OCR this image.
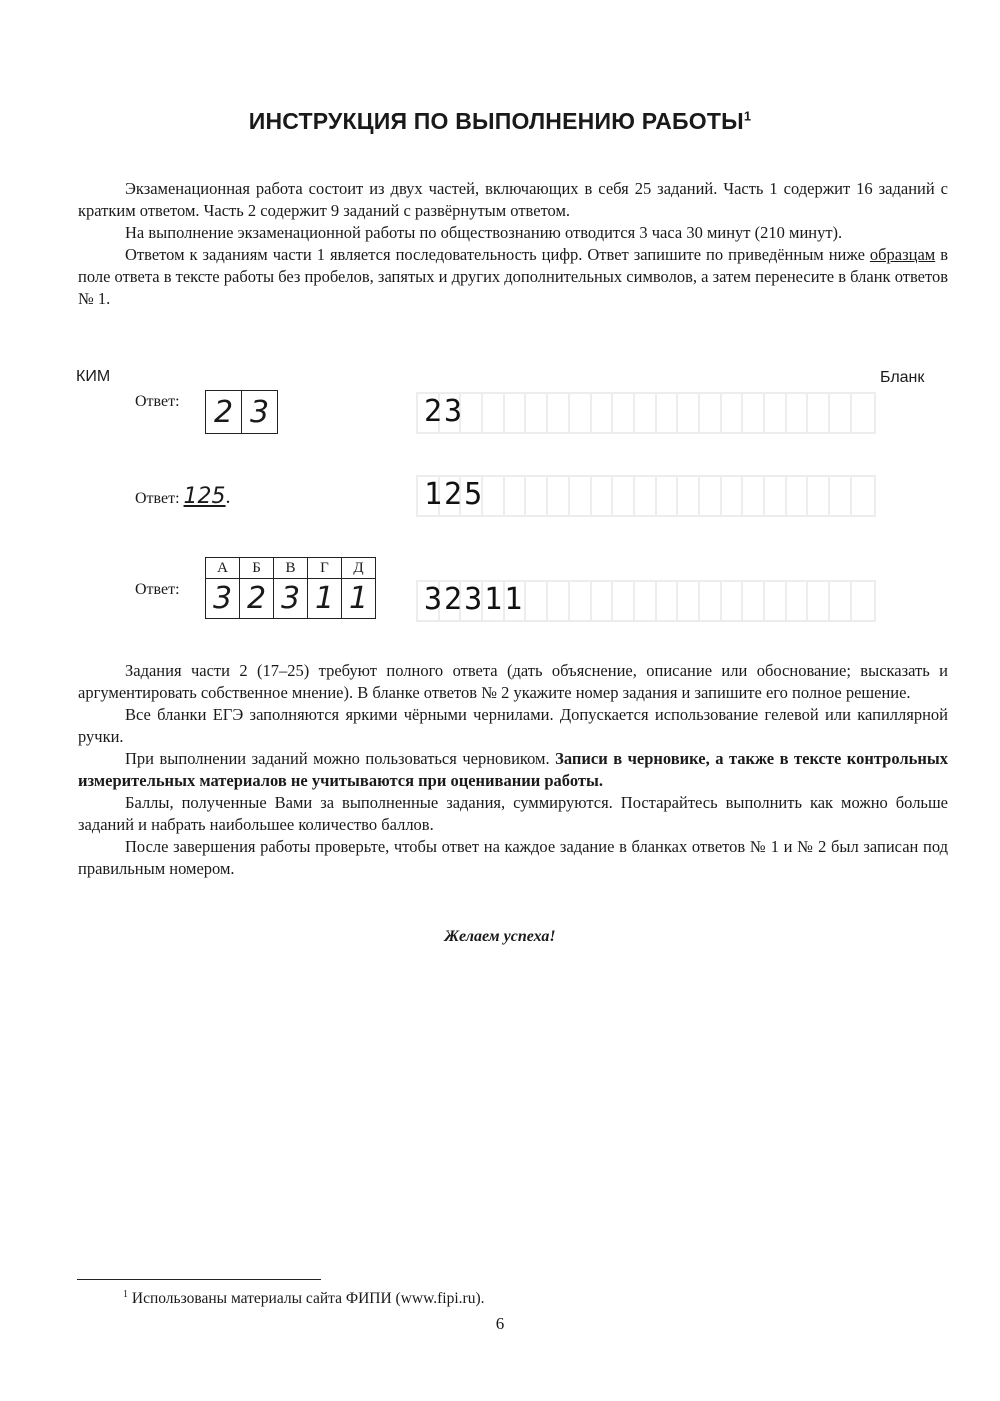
ИНСТРУКЦИЯ ПО ВЫПОЛНЕНИЮ РАБОТЫ$^1$

Экзаменационная работа состоит из двух частей, включающих в себя 25 заданий. Часть 1 содержит 16 заданий с кратким ответом. Часть 2 содержит 9 заданий с развёрнутым ответом.

На выполнение экзаменационной работы по обществознанию отводится 3 часа 30 минут (210 минут).

Ответом к заданиям части 1 является последовательность цифр. Ответ запишите по приведённым ниже образцам в поле ответа в тексте работы без пробелов, запятых и других дополнительных символов, а затем перенесите в бланк ответов № 1.

КИМ	Бланк
Ответ: 2 3	23
Ответ: 125.	125
Ответ:
А	Б	В	Г	Д
3	2	3	1	1 32311

Задания части 2 (17–25) требуют полного ответа (дать объяснение, описание или обоснование; высказать и аргументировать собственное мнение). В бланке ответов № 2 укажите номер задания и запишите его полное решение.

Все бланки ЕГЭ заполняются яркими чёрными чернилами. Допускается использование гелевой или капиллярной ручки.

При выполнении заданий можно пользоваться черновиком. Записи в черновике, а также в тексте контрольных измерительных материалов не учитываются при оценивании работы.

Баллы, полученные Вами за выполненные задания, суммируются. Постарайтесь выполнить как можно больше заданий и набрать наибольшее количество баллов.

После завершения работы проверьте, чтобы ответ на каждое задание в бланках ответов № 1 и № 2 был записан под правильным номером.

Желаем успеха!
$^1$ Использованы материалы сайта ФИПИ (www.fipi.ru).
6
